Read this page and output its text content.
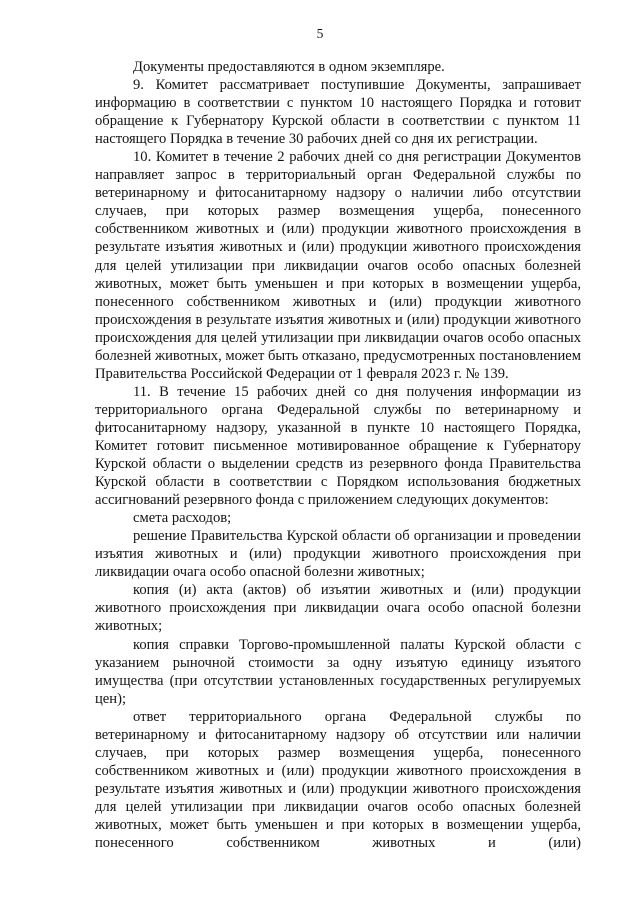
5

Документы предоставляются в одном экземпляре.

9. Комитет рассматривает поступившие Документы, запрашивает информацию в соответствии с пунктом 10 настоящего Порядка и готовит обращение к Губернатору Курской области в соответствии с пунктом 11 настоящего Порядка в течение 30 рабочих дней со дня их регистрации.

10. Комитет в течение 2 рабочих дней со дня регистрации Документов направляет запрос в территориальный орган Федеральной службы по ветеринарному и фитосанитарному надзору о наличии либо отсутствии случаев, при которых размер возмещения ущерба, понесенного собственником животных и (или) продукции животного происхождения в результате изъятия животных и (или) продукции животного происхождения для целей утилизации при ликвидации очагов особо опасных болезней животных, может быть уменьшен и при которых в возмещении ущерба, понесенного собственником животных и (или) продукции животного происхождения в результате изъятия животных и (или) продукции животного происхождения для целей утилизации при ликвидации очагов особо опасных болезней животных, может быть отказано, предусмотренных постановлением Правительства Российской Федерации от 1 февраля 2023 г. № 139.

11. В течение 15 рабочих дней со дня получения информации из территориального органа Федеральной службы по ветеринарному и фитосанитарному надзору, указанной в пункте 10 настоящего Порядка, Комитет готовит письменное мотивированное обращение к Губернатору Курской области о выделении средств из резервного фонда Правительства Курской области в соответствии с Порядком использования бюджетных ассигнований резервного фонда с приложением следующих документов:

смета расходов;

решение Правительства Курской области об организации и проведении изъятия животных и (или) продукции животного происхождения при ликвидации очага особо опасной болезни животных;

копия (и) акта (актов) об изъятии животных и (или) продукции животного происхождения при ликвидации очага особо опасной болезни животных;

копия справки Торгово-промышленной палаты Курской области с указанием рыночной стоимости за одну изъятую единицу изъятого имущества (при отсутствии установленных государственных регулируемых цен);

ответ территориального органа Федеральной службы по ветеринарному и фитосанитарному надзору об отсутствии или наличии случаев, при которых размер возмещения ущерба, понесенного собственником животных и (или) продукции животного происхождения в результате изъятия животных и (или) продукции животного происхождения для целей утилизации при ликвидации очагов особо опасных болезней животных, может быть уменьшен и при которых в возмещении ущерба, понесенного собственником животных и (или)
